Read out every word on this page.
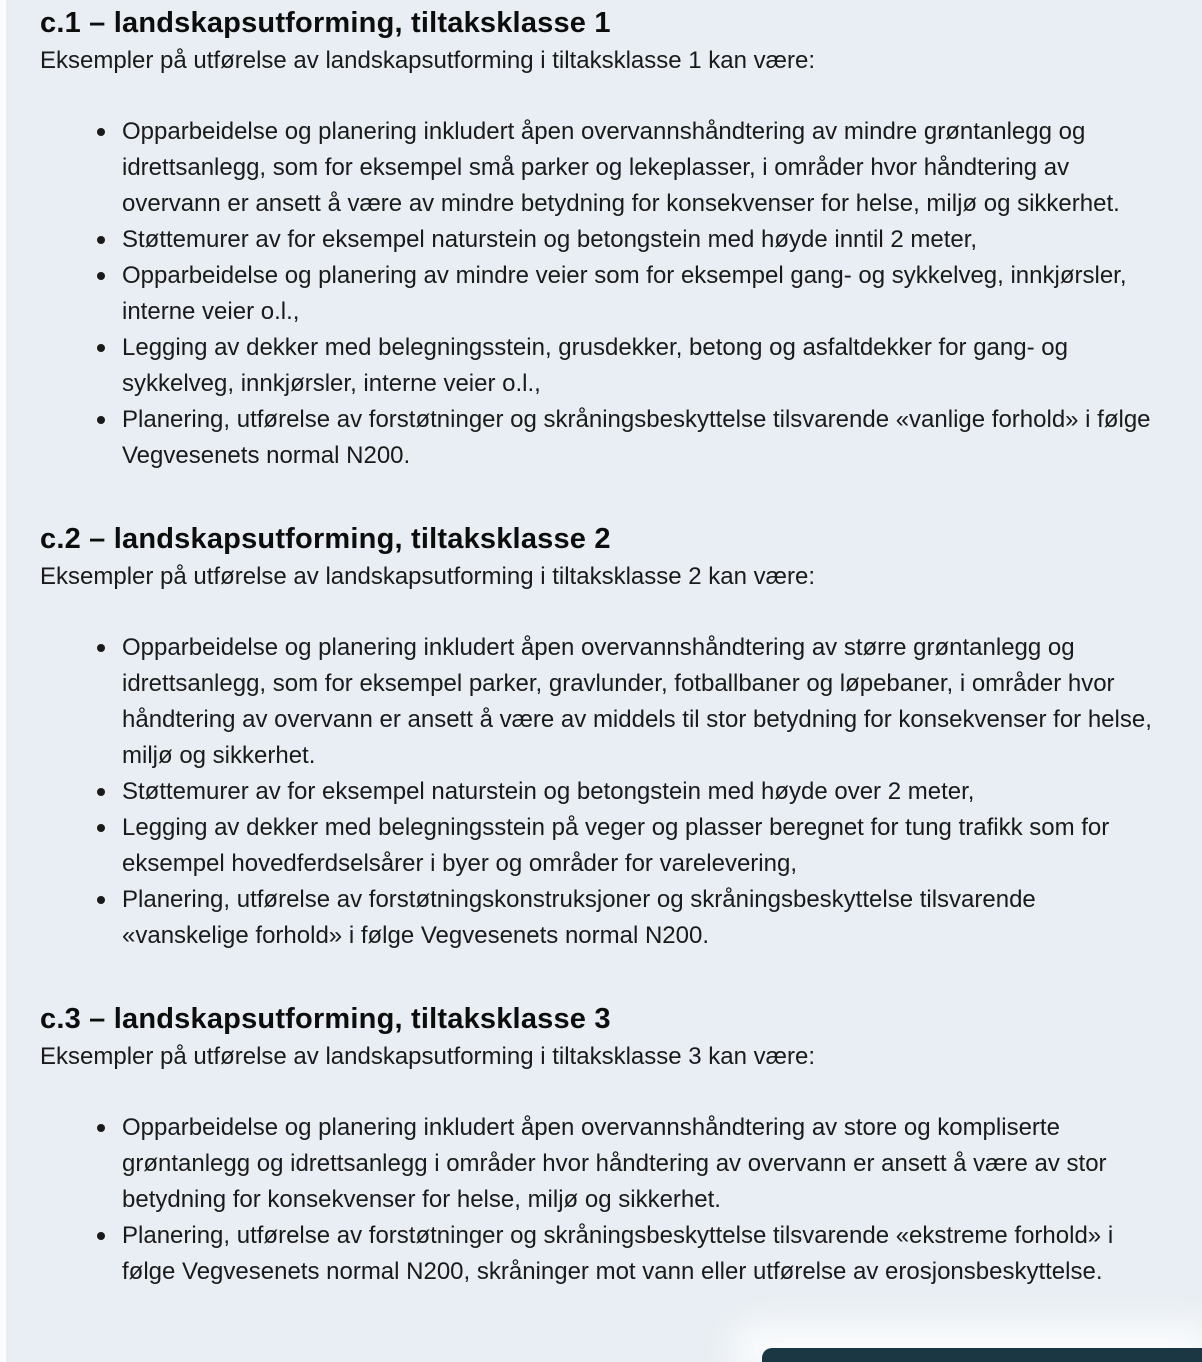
c.1 – landskapsutforming, tiltaksklasse 1

Eksempler på utførelse av landskapsutforming i tiltaksklasse 1 kan være:

Opparbeidelse og planering inkludert åpen overvannshåndtering av mindre grøntanlegg og idrettsanlegg, som for eksempel små parker og lekeplasser, i områder hvor håndtering av overvann er ansett å være av mindre betydning for konsekvenser for helse, miljø og sikkerhet.
Støttemurer av for eksempel naturstein og betongstein med høyde inntil 2 meter,
Opparbeidelse og planering av mindre veier som for eksempel gang- og sykkelveg, innkjørsler, interne veier o.l.,
Legging av dekker med belegningsstein, grusdekker, betong og asfaltdekker for gang- og sykkelveg, innkjørsler, interne veier o.l.,
Planering, utførelse av forstøtninger og skråningsbeskyttelse tilsvarende «vanlige forhold» i følge Vegvesenets normal N200.
c.2 – landskapsutforming, tiltaksklasse 2

Eksempler på utførelse av landskapsutforming i tiltaksklasse 2 kan være:

Opparbeidelse og planering inkludert åpen overvannshåndtering av større grøntanlegg og idrettsanlegg, som for eksempel parker, gravlunder, fotballbaner og løpebaner, i områder hvor håndtering av overvann er ansett å være av middels til stor betydning for konsekvenser for helse, miljø og sikkerhet.
Støttemurer av for eksempel naturstein og betongstein med høyde over 2 meter,
Legging av dekker med belegningsstein på veger og plasser beregnet for tung trafikk som for eksempel hovedferdselsårer i byer og områder for varelevering,
Planering, utførelse av forstøtningskonstruksjoner og skråningsbeskyttelse tilsvarende «vanskelige forhold» i følge Vegvesenets normal N200.
c.3 – landskapsutforming, tiltaksklasse 3

Eksempler på utførelse av landskapsutforming i tiltaksklasse 3 kan være:

Opparbeidelse og planering inkludert åpen overvannshåndtering av store og kompliserte grøntanlegg og idrettsanlegg i områder hvor håndtering av overvann er ansett å være av stor betydning for konsekvenser for helse, miljø og sikkerhet.
Planering, utførelse av forstøtninger og skråningsbeskyttelse tilsvarende «ekstreme forhold» i følge Vegvesenets normal N200, skråninger mot vann eller utførelse av erosjonsbeskyttelse.
